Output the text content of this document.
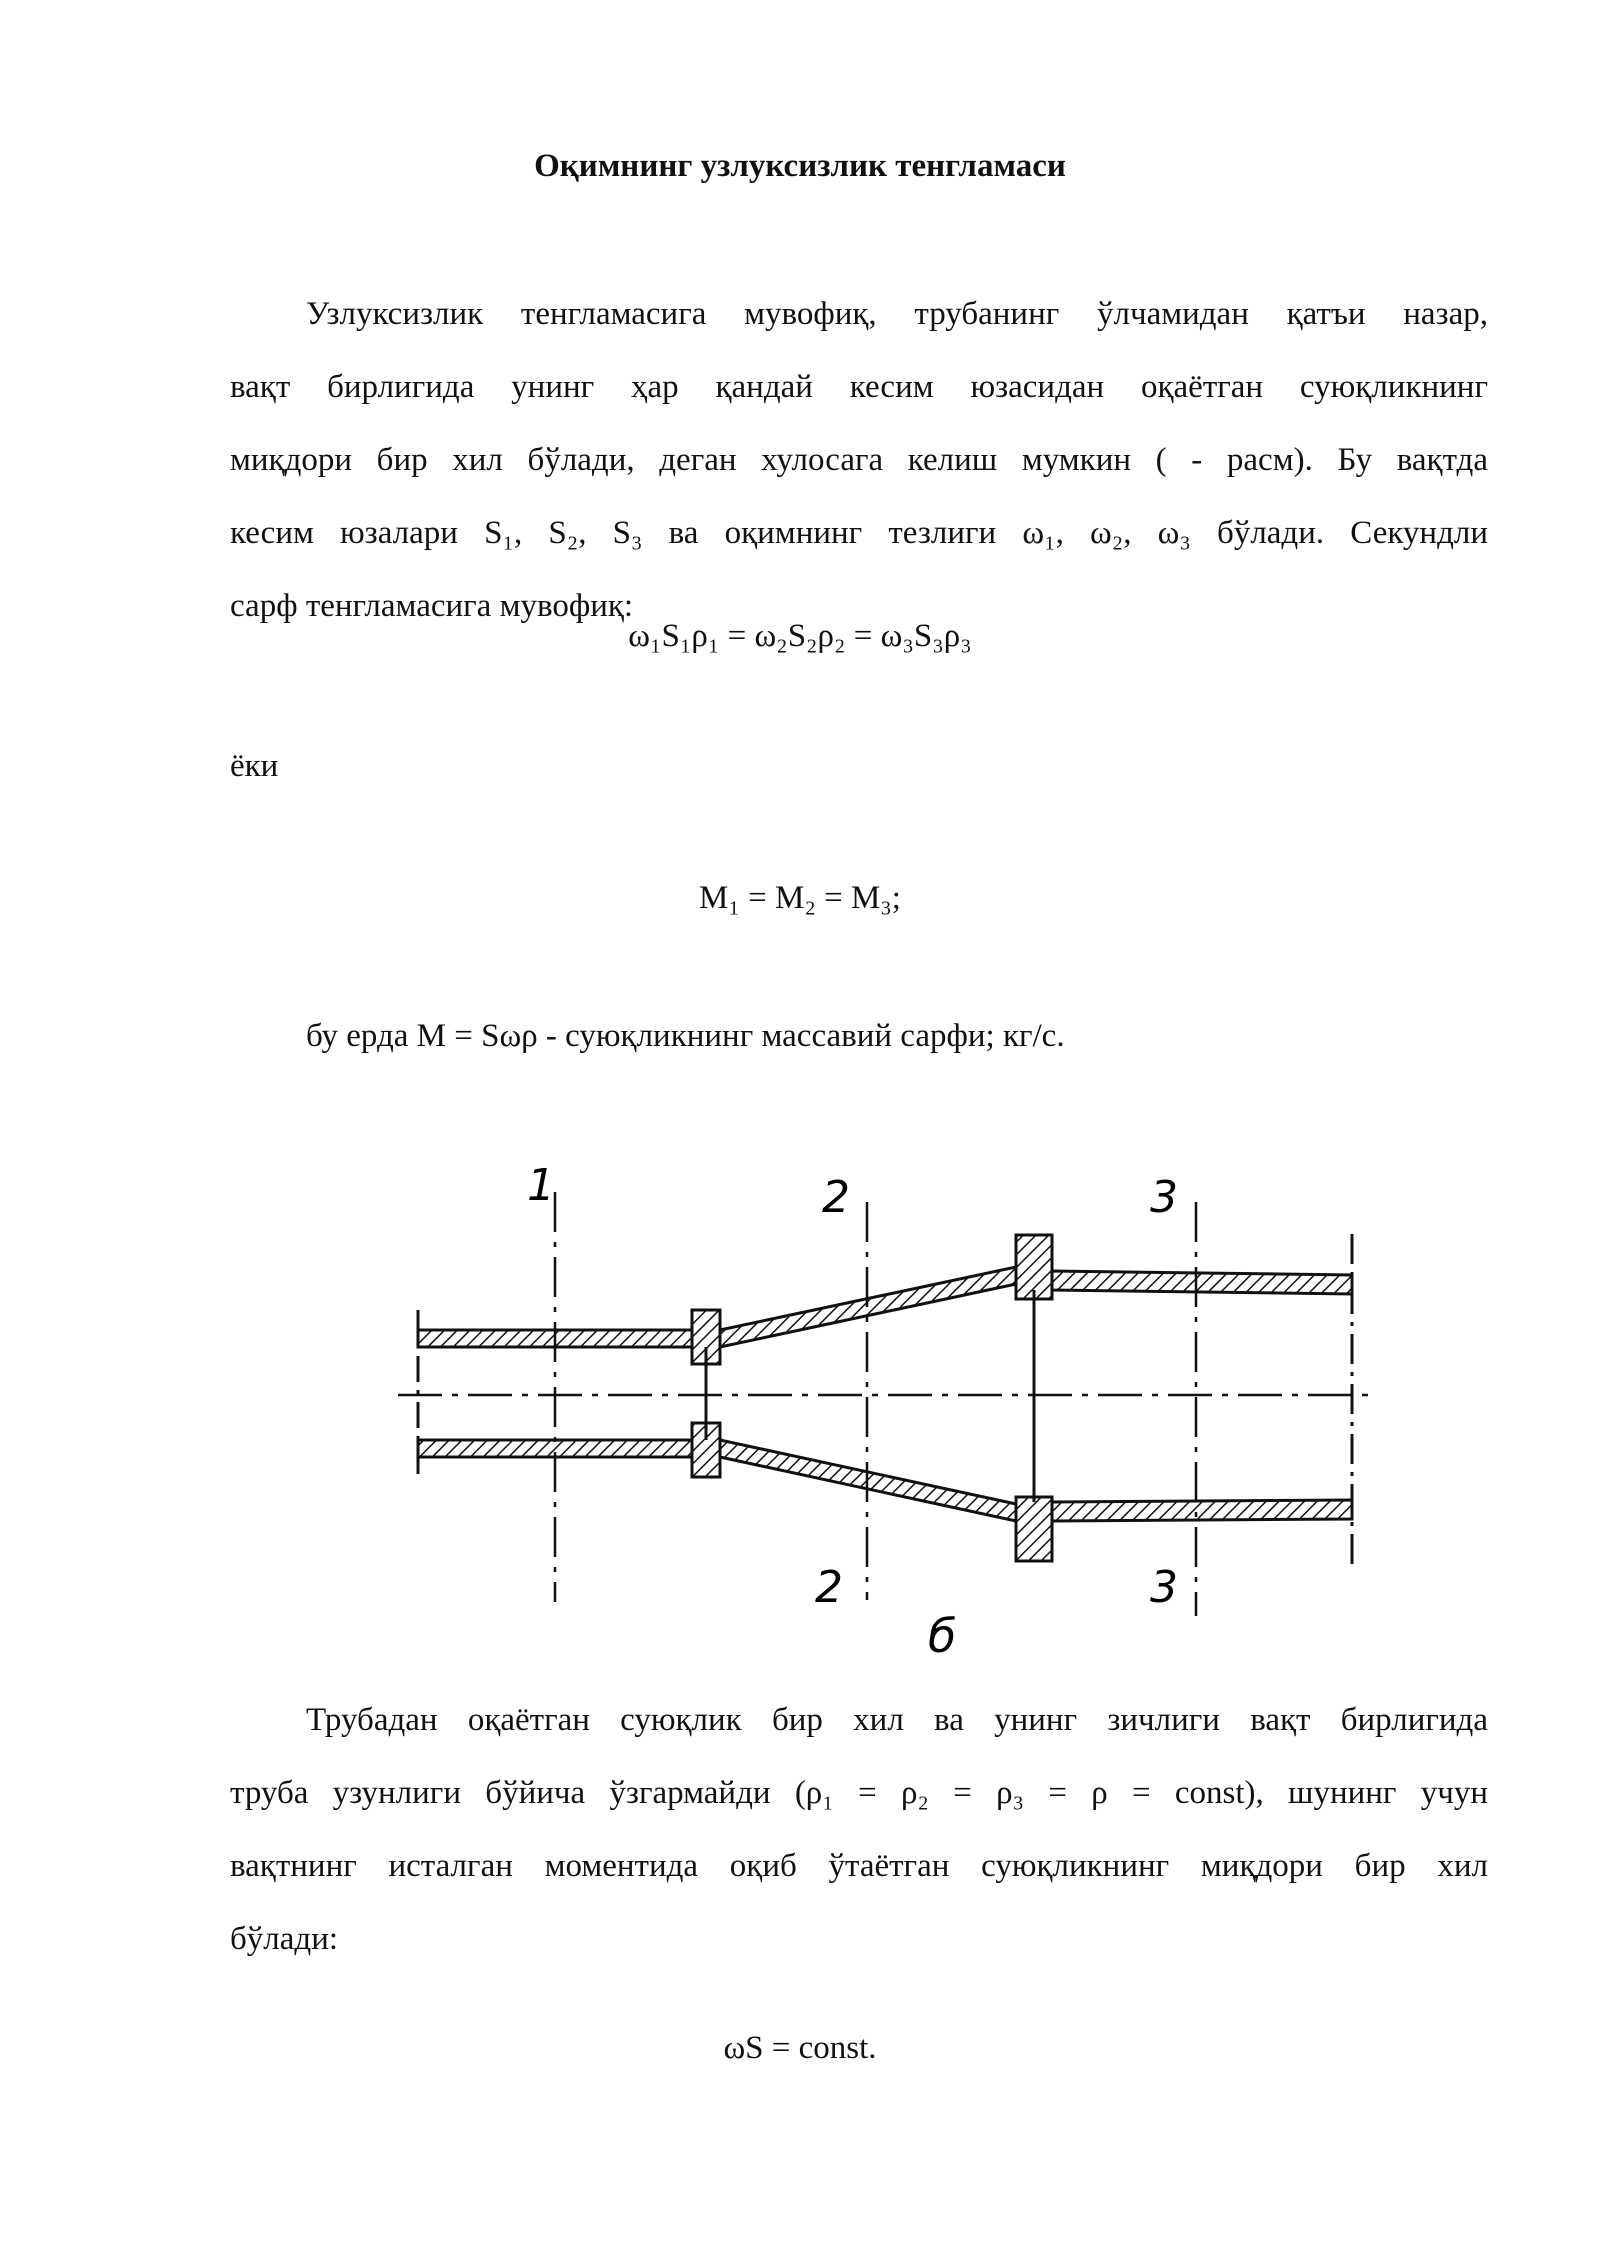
Оқимнинг узлуксизлик тенгламаси
Узлуксизлик тенгламасига мувофиқ, трубанинг ўлчамидан қатъи назар,
вақт бирлигида унинг ҳар қандай кесим юзасидан оқаётган суюқликнинг
миқдори бир хил бўлади, деган хулосага келиш мумкин ( - расм). Бу вақтда
кесим юзалари S₁, S₂, S₃ ва оқимнинг тезлиги ω₁, ω₂, ω₃ бўлади. Секундли
сарф тенгламасига мувофиқ:
ω₁S₁ρ₁ = ω₂S₂ρ₂ = ω₃S₃ρ₃
ёки
M₁ = M₂ = M₃;
бу ерда M = Sωρ - суюқликнинг массавий сарфи; кг/с.
1	2	3
2	3
б
Трубадан оқаётган суюқлик бир хил ва унинг зичлиги вақт бирлигида
труба узунлиги бўйича ўзгармайди (ρ₁ = ρ₂ = ρ₃ = ρ = const), шунинг учун
вақтнинг исталган моментида оқиб ўтаётган суюқликнинг миқдори бир хил
бўлади:
ωS = const.
